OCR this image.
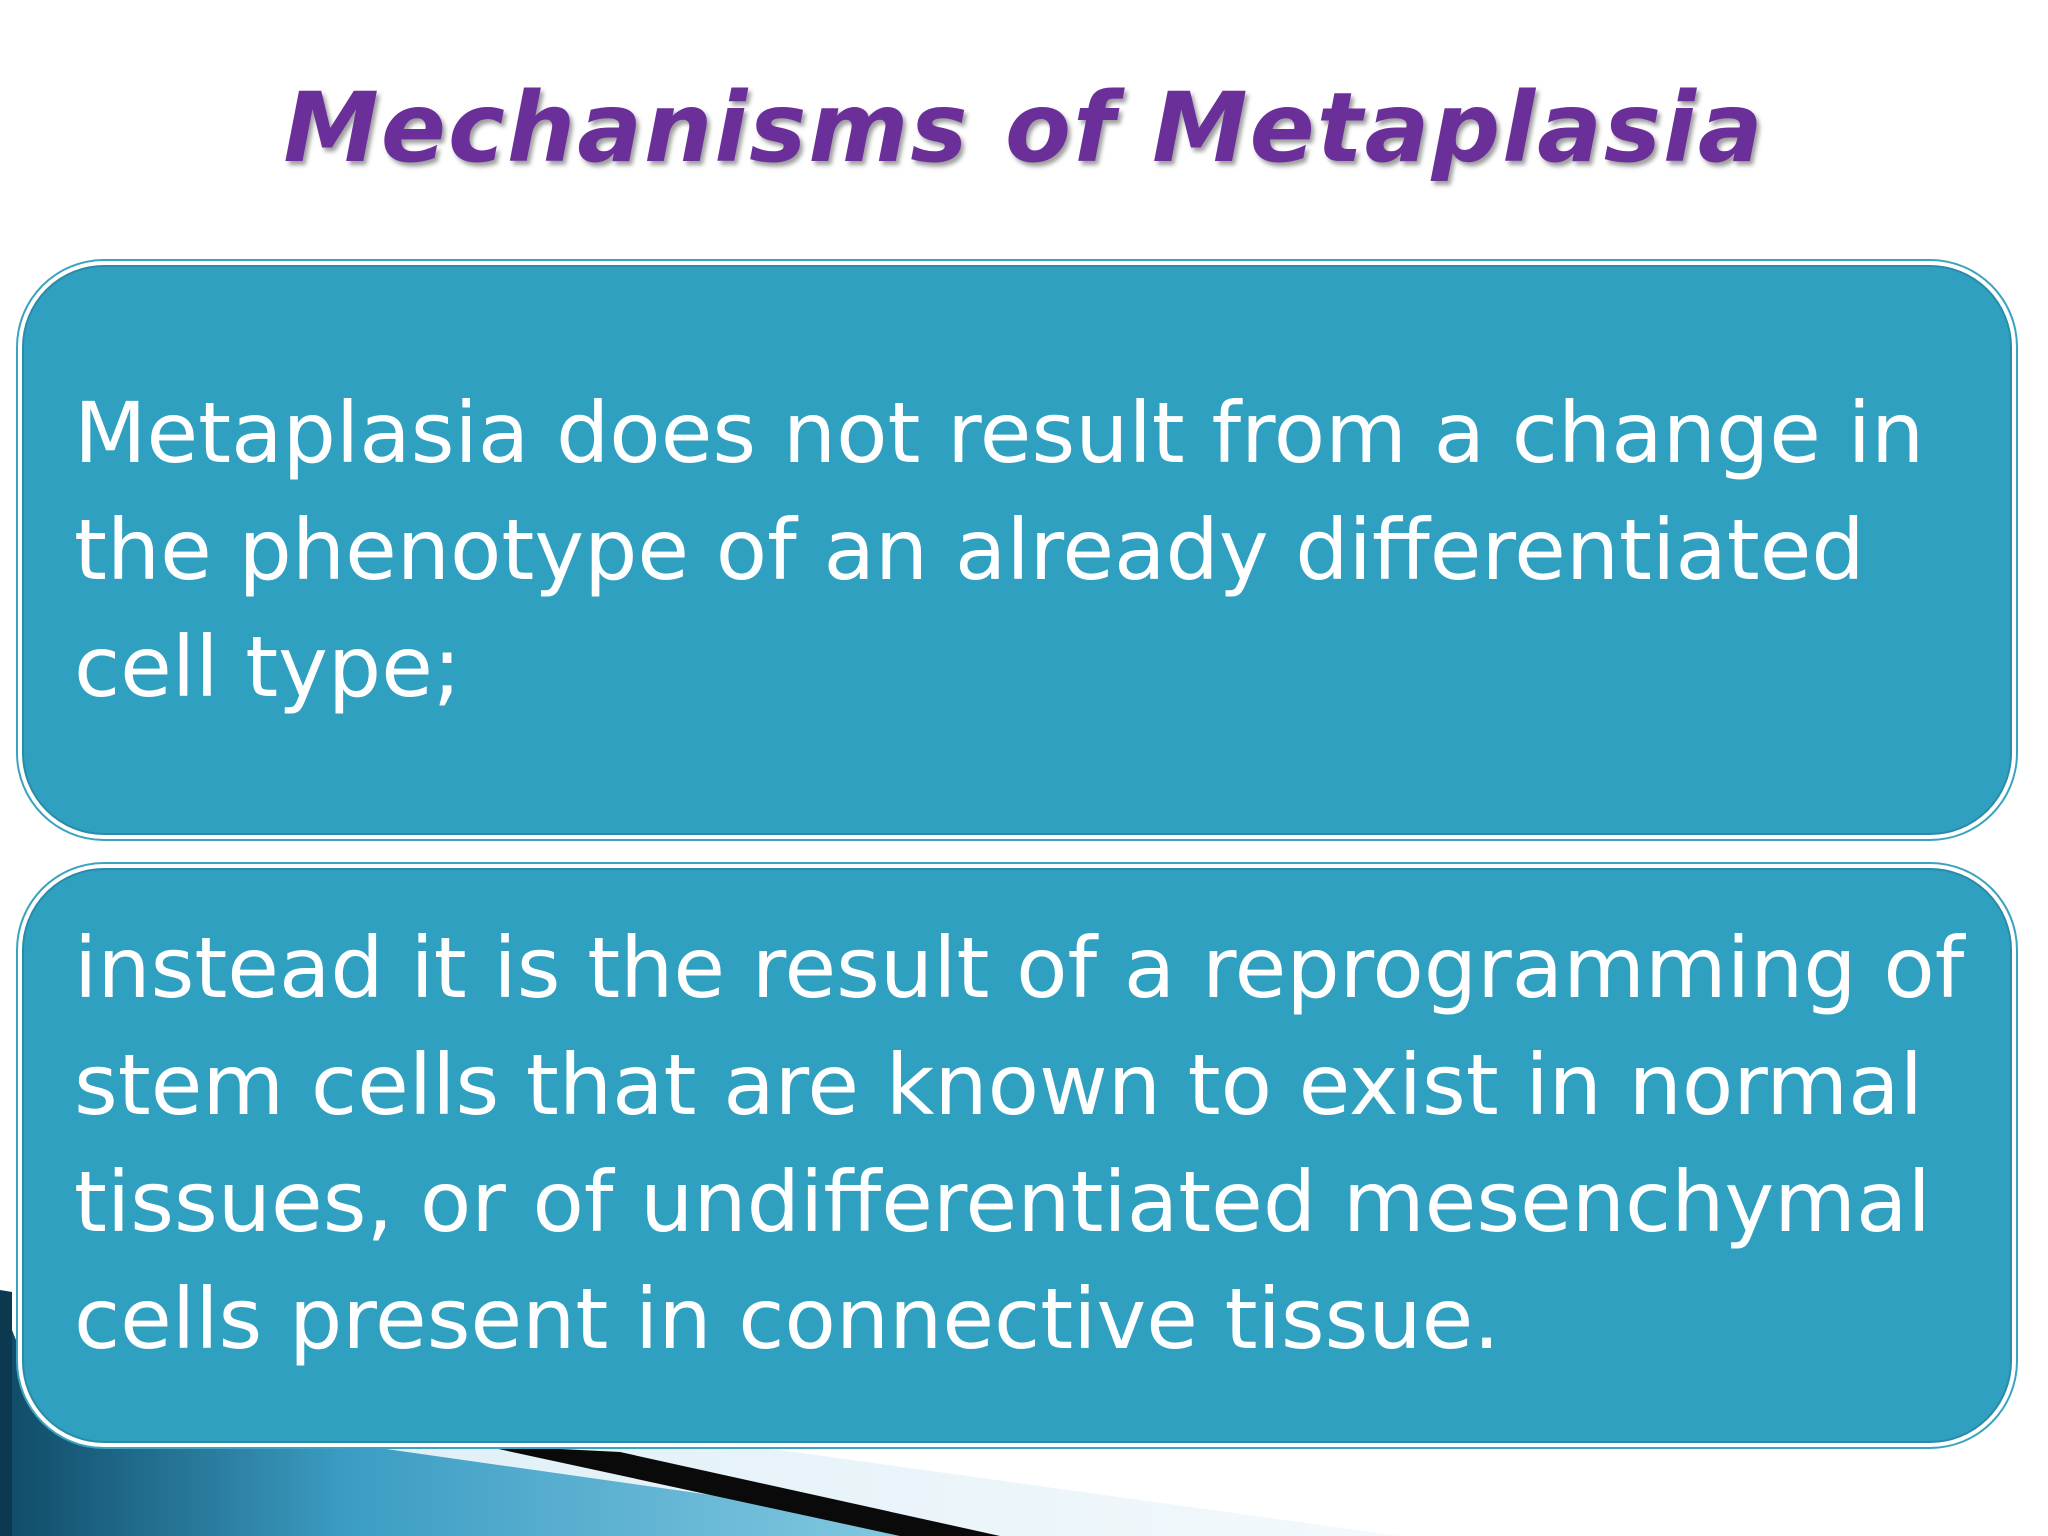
Mechanisms of Metaplasia

Metaplasia does not result from a change in the phenotype of an already differentiated cell type;

instead it is the result of a reprogramming of stem cells that are known to exist in normal tissues, or of undifferentiated mesenchymal cells present in connective tissue.
